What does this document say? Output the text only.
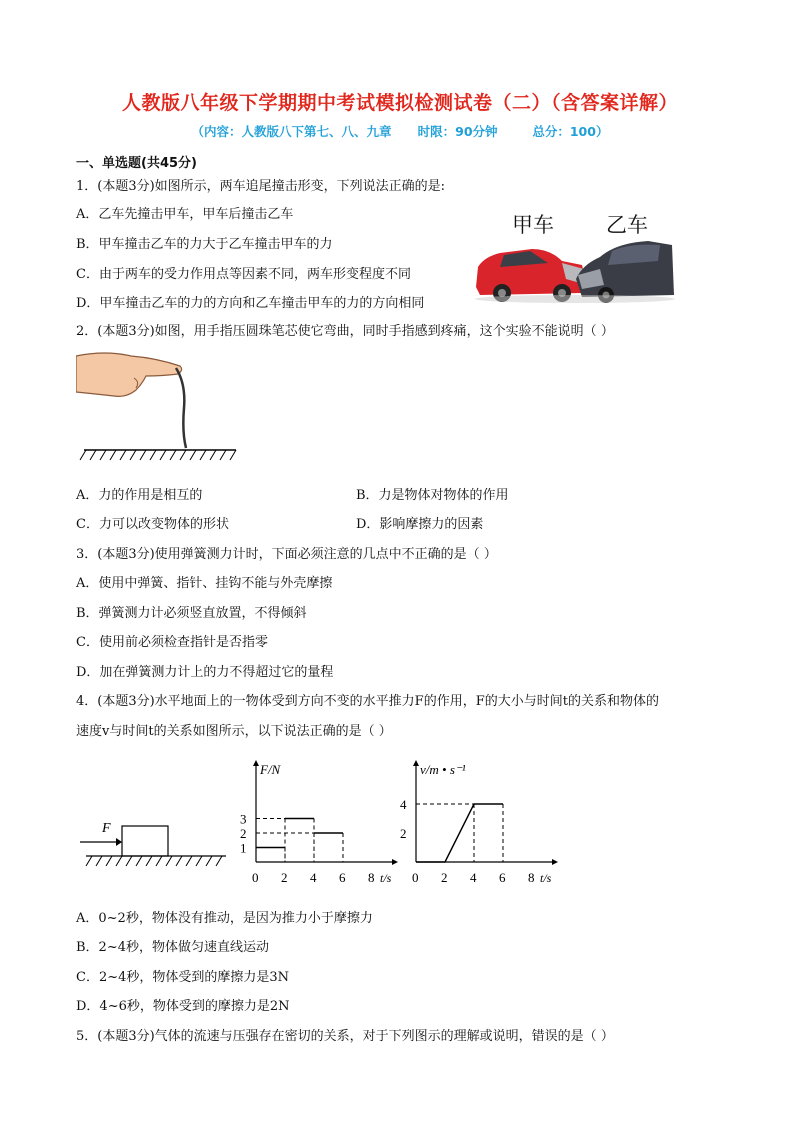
人教版八年级下学期期中考试模拟检测试卷（二）（含答案详解）
（内容：人教版八下第七、八、九章      时限：90分钟        总分：100）
一、单选题(共45分)
1．(本题3分)如图所示，两车追尾撞击形变，下列说法正确的是:
A．乙车先撞击甲车，甲车后撞击乙车
B．甲车撞击乙车的力大于乙车撞击甲车的力
C．由于两车的受力作用点等因素不同，两车形变程度不同
D．甲车撞击乙车的力的方向和乙车撞击甲车的力的方向相同
甲车 乙车
2．(本题3分)如图，用手指压圆珠笔芯使它弯曲，同时手指感到疼痛，这个实验不能说明（ ）
A．力的作用是相互的	B．力是物体对物体的作用
C．力可以改变物体的形状	D．影响摩擦力的因素
3．(本题3分)使用弹簧测力计时，下面必须注意的几点中不正确的是（ ）
A．使用中弹簧、指针、挂钩不能与外壳摩擦
B．弹簧测力计必须竖直放置，不得倾斜
C．使用前必须检查指针是否指零
D．加在弹簧测力计上的力不得超过它的量程
4．(本题3分)水平地面上的一物体受到方向不变的水平推力F的作用，F的大小与时间t的关系和物体的
速度v与时间t的关系如图所示，以下说法正确的是（ ）
F
F/N
t/s
0 2 4 6 8
1
2
3
v/m • s⁻¹
t/s
0 2 4 6 8
2
4
A．0~2秒，物体没有推动，是因为推力小于摩擦力
B．2~4秒，物体做匀速直线运动
C．2~4秒，物体受到的摩擦力是3N
D．4~6秒，物体受到的摩擦力是2N
5．(本题3分)气体的流速与压强存在密切的关系，对于下列图示的理解或说明，错误的是（ ）
